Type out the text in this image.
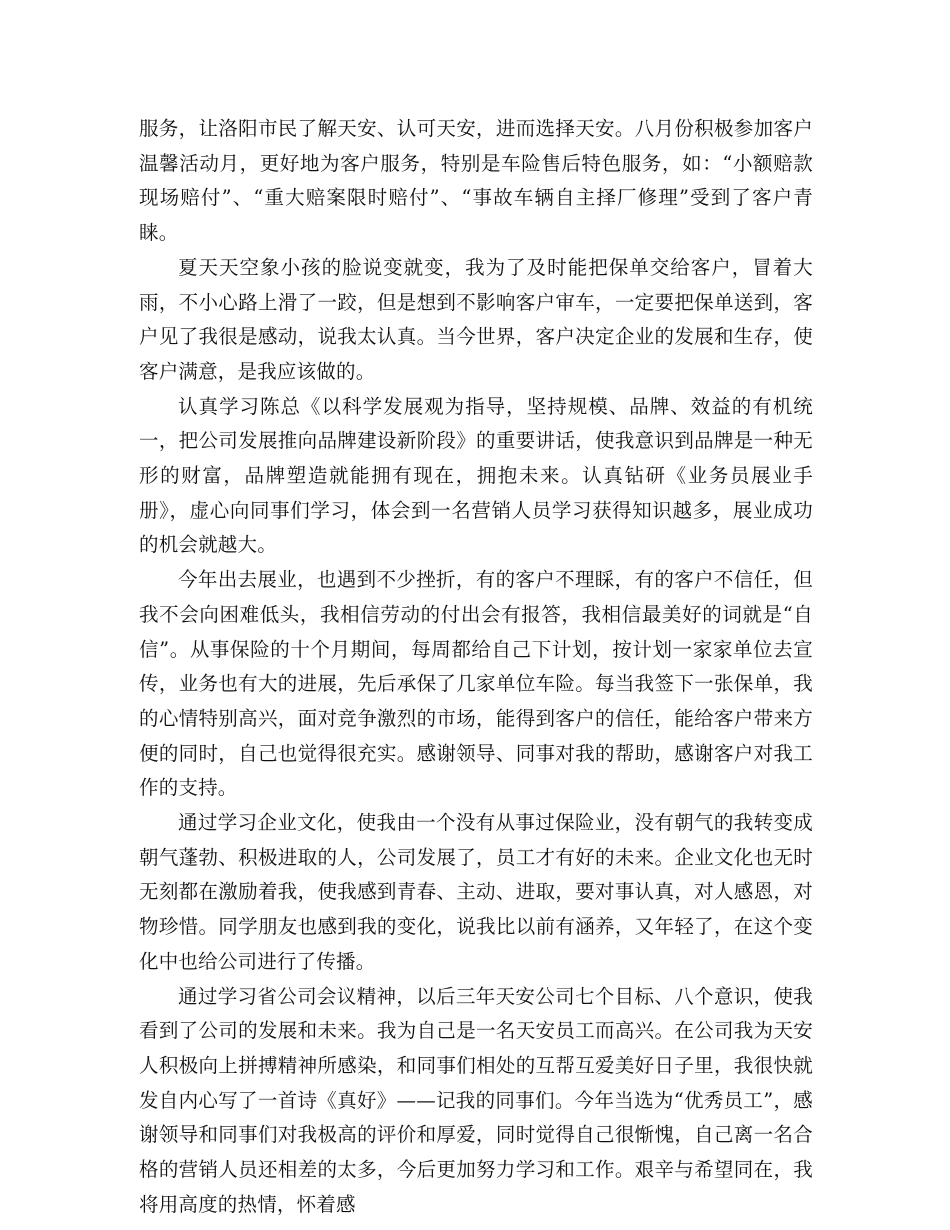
服务，让洛阳市民了解天安、认可天安，进而选择天安。八月份积极参加客户温馨活动月，更好地为客户服务，特别是车险售后特色服务，如：“小额赔款现场赔付”、“重大赔案限时赔付”、“事故车辆自主择厂修理”受到了客户青睐。

夏天天空象小孩的脸说变就变，我为了及时能把保单交给客户，冒着大雨，不小心路上滑了一跤，但是想到不影响客户审车，一定要把保单送到，客户见了我很是感动，说我太认真。当今世界，客户决定企业的发展和生存，使客户满意，是我应该做的。

认真学习陈总《以科学发展观为指导，坚持规模、品牌、效益的有机统一，把公司发展推向品牌建设新阶段》的重要讲话，使我意识到品牌是一种无形的财富，品牌塑造就能拥有现在，拥抱未来。认真钻研《业务员展业手册》，虚心向同事们学习，体会到一名营销人员学习获得知识越多，展业成功的机会就越大。

今年出去展业，也遇到不少挫折，有的客户不理睬，有的客户不信任，但我不会向困难低头，我相信劳动的付出会有报答，我相信最美好的词就是“自信”。从事保险的十个月期间，每周都给自己下计划，按计划一家家单位去宣传，业务也有大的进展，先后承保了几家单位车险。每当我签下一张保单，我的心情特别高兴，面对竞争激烈的市场，能得到客户的信任，能给客户带来方便的同时，自己也觉得很充实。感谢领导、同事对我的帮助，感谢客户对我工作的支持。

通过学习企业文化，使我由一个没有从事过保险业，没有朝气的我转变成朝气蓬勃、积极进取的人，公司发展了，员工才有好的未来。企业文化也无时无刻都在激励着我，使我感到青春、主动、进取，要对事认真，对人感恩，对物珍惜。同学朋友也感到我的变化，说我比以前有涵养，又年轻了，在这个变化中也给公司进行了传播。

通过学习省公司会议精神，以后三年天安公司七个目标、八个意识，使我看到了公司的发展和未来。我为自己是一名天安员工而高兴。在公司我为天安人积极向上拼搏精神所感染，和同事们相处的互帮互爱美好日子里，我很快就发自内心写了一首诗《真好》——记我的同事们。今年当选为“优秀员工”，感谢领导和同事们对我极高的评价和厚爱，同时觉得自己很惭愧，自己离一名合格的营销人员还相差的太多，今后更加努力学习和工作。艰辛与希望同在，我将用高度的热情，怀着感
